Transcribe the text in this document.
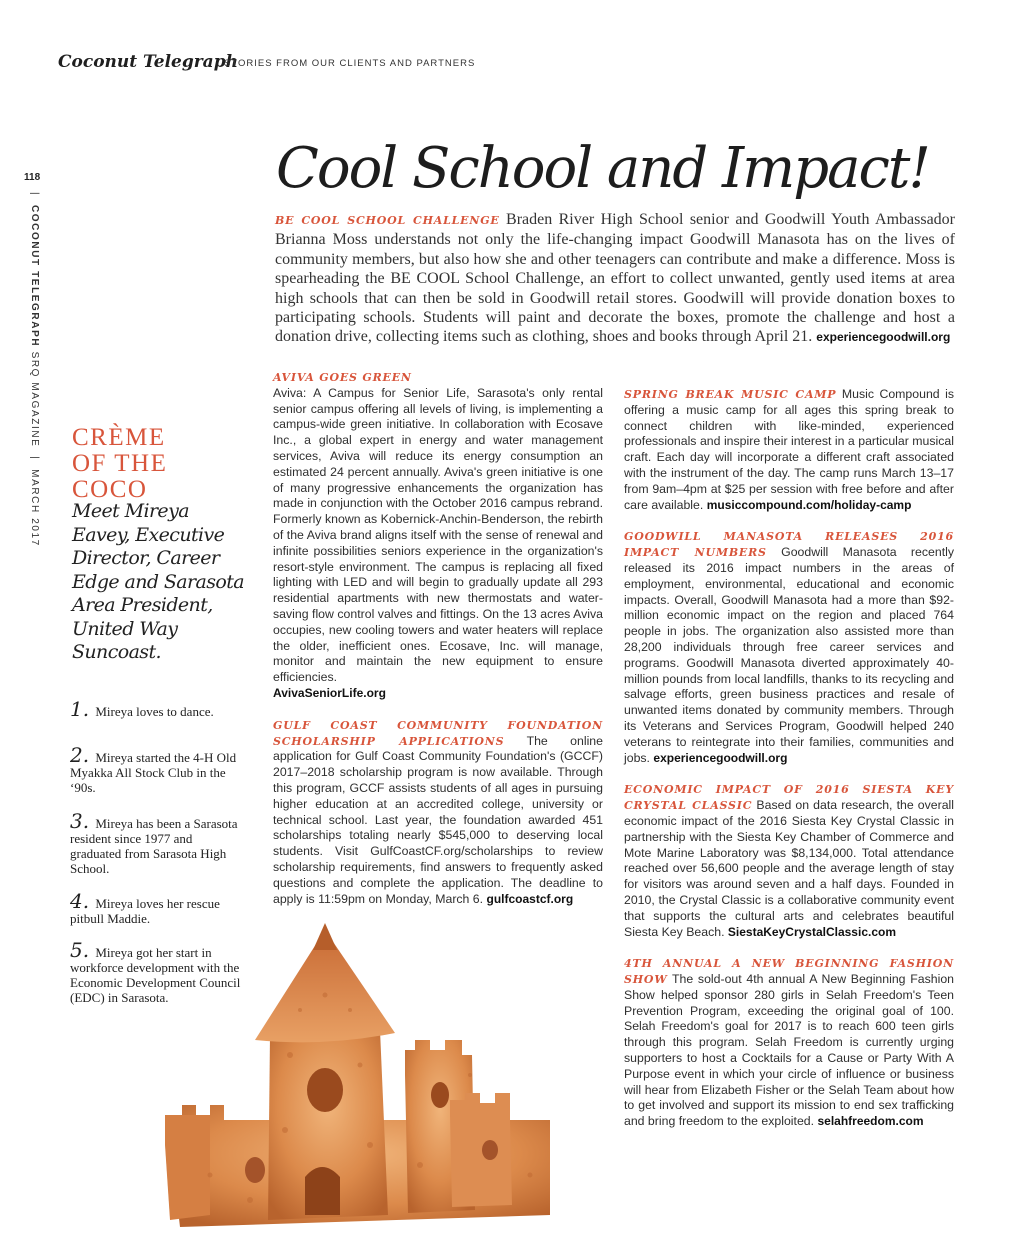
Coconut Telegraph
STORIES FROM OUR CLIENTS AND PARTNERS
118
|  COCONUT TELEGRAPH SRQ MAGAZINE  |  MARCH 2017
Cool School and Impact!
BE COOL SCHOOL CHALLENGE Braden River High School senior and Goodwill Youth Ambassador Brianna Moss understands not only the life-changing impact Goodwill Manasota has on the lives of community members, but also how she and other teenagers can contribute and make a difference. Moss is spearheading the BE COOL School Challenge, an effort to collect unwanted, gently used items at area high schools that can then be sold in Goodwill retail stores. Goodwill will provide donation boxes to participating schools. Students will paint and decorate the boxes, promote the challenge and host a donation drive, collecting items such as clothing, shoes and books through April 21. experiencegoodwill.org

AVIVA GOES GREEN
Aviva: A Campus for Senior Life, Sarasota's only rental senior campus offering all levels of living, is implementing a campus-wide green initiative. In collaboration with Ecosave Inc., a global expert in energy and water management services, Aviva will reduce its energy consumption an estimated 24 percent annually. Aviva's green initiative is one of many progressive enhancements the organization has made in conjunction with the October 2016 campus rebrand. Formerly known as Kobernick-Anchin-Benderson, the rebirth of the Aviva brand aligns itself with the sense of renewal and infinite possibilities seniors experience in the organization's resort-style environment. The campus is replacing all fixed lighting with LED and will begin to gradually update all 293 residential apartments with new thermostats and water-saving flow control valves and fittings. On the 13 acres Aviva occupies, new cooling towers and water heaters will replace the older, inefficient ones. Ecosave, Inc. will manage, monitor and maintain the new equipment to ensure efficiencies.
AvivaSeniorLife.org

GULF COAST COMMUNITY FOUNDATION SCHOLARSHIP APPLICATIONS The online application for Gulf Coast Community Foundation's (GCCF) 2017–2018 scholarship program is now available. Through this program, GCCF assists students of all ages in pursuing higher education at an accredited college, university or technical school. Last year, the foundation awarded 451 scholarships totaling nearly $545,000 to deserving local students. Visit GulfCoastCF.org/scholarships to review scholarship requirements, find answers to frequently asked questions and complete the application. The deadline to apply is 11:59pm on Monday, March 6. gulfcoastcf.org

SPRING BREAK MUSIC CAMP Music Compound is offering a music camp for all ages this spring break to connect children with like-minded, experienced professionals and inspire their interest in a particular musical craft. Each day will incorporate a different craft associated with the instrument of the day. The camp runs March 13–17 from 9am–4pm at $25 per session with free before and after care available. musiccompound.com/holiday-camp

GOODWILL MANASOTA RELEASES 2016 IMPACT NUMBERS Goodwill Manasota recently released its 2016 impact numbers in the areas of employment, environmental, educational and economic impacts. Overall, Goodwill Manasota had a more than $92-million economic impact on the region and placed 764 people in jobs. The organization also assisted more than 28,200 individuals through free career services and programs. Goodwill Manasota diverted approximately 40-million pounds from local landfills, thanks to its recycling and salvage efforts, green business practices and resale of unwanted items donated by community members. Through its Veterans and Services Program, Goodwill helped 240 veterans to reintegrate into their families, communities and jobs. experiencegoodwill.org

ECONOMIC IMPACT OF 2016 SIESTA KEY CRYSTAL CLASSIC Based on data research, the overall economic impact of the 2016 Siesta Key Crystal Classic in partnership with the Siesta Key Chamber of Commerce and Mote Marine Laboratory was $8,134,000. Total attendance reached over 56,600 people and the average length of stay for visitors was around seven and a half days. Founded in 2010, the Crystal Classic is a collaborative community event that supports the cultural arts and celebrates beautiful Siesta Key Beach. SiestaKeyCrystalClassic.com

4TH ANNUAL A NEW BEGINNING FASHION SHOW The sold-out 4th annual A New Beginning Fashion Show helped sponsor 280 girls in Selah Freedom's Teen Prevention Program, exceeding the original goal of 100. Selah Freedom's goal for 2017 is to reach 600 teen girls through this program. Selah Freedom is currently urging supporters to host a Cocktails for a Cause or Party With A Purpose event in which your circle of influence or business will hear from Elizabeth Fisher or the Selah Team about how to get involved and support its mission to end sex trafficking and bring freedom to the exploited. selahfreedom.com

CRÈME
OF THE
COCO
Meet Mireya Eavey, Executive Director, Career Edge and Sarasota Area President, United Way Suncoast.
1. Mireya loves to dance.
2. Mireya started the 4-H Old Myakka All Stock Club in the ‘90s.
3. Mireya has been a Sarasota resident since 1977 and graduated from Sarasota High School.
4. Mireya loves her rescue pitbull Maddie.
5. Mireya got her start in workforce development with the Economic Development Council (EDC) in Sarasota.
